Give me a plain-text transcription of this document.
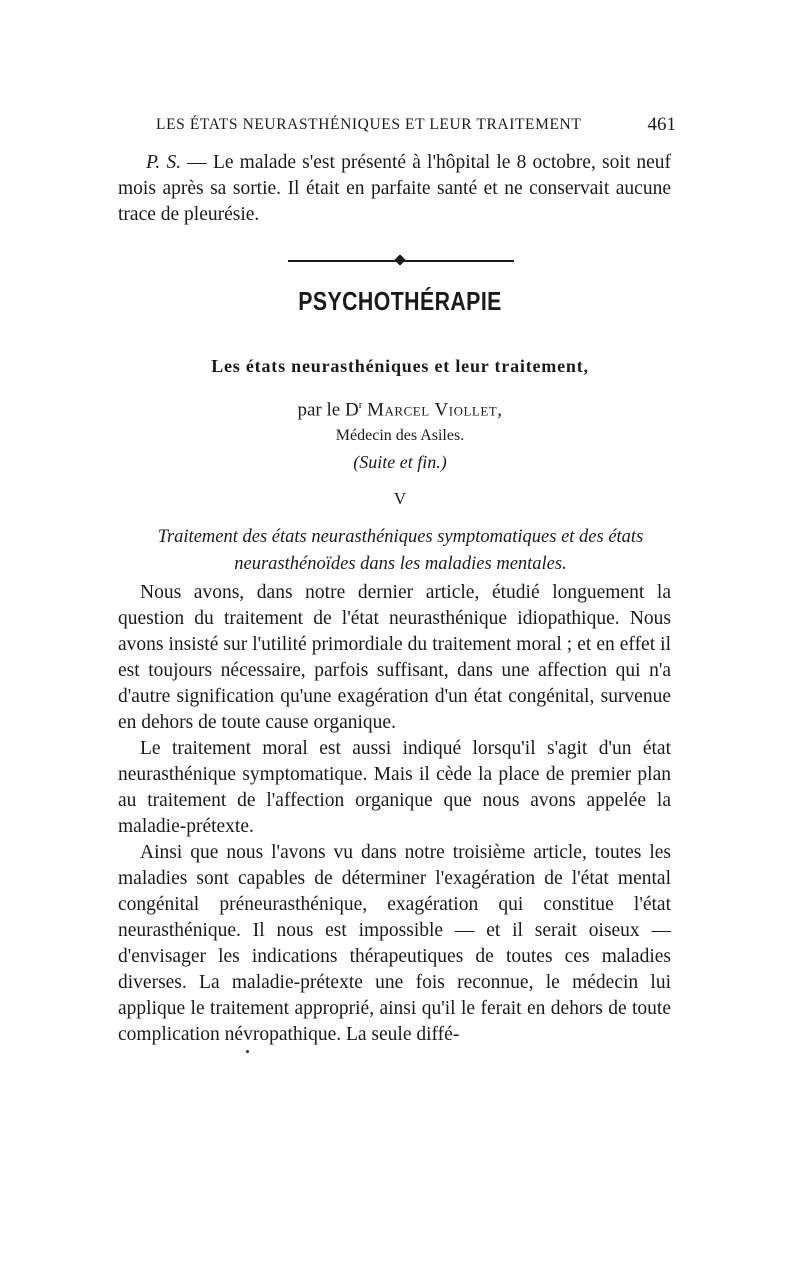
LES ÉTATS NEURASTHÉNIQUES ET LEUR TRAITEMENT	461

P. S. — Le malade s'est présenté à l'hôpital le 8 octobre, soit neuf mois après sa sortie. Il était en parfaite santé et ne conservait aucune trace de pleurésie.

PSYCHOTHÉRAPIE
Les états neurasthéniques et leur traitement,
par le $D^r$ Marcel Viollet,
Médecin des Asiles.
(Suite et fin.)
V
Traitement des états neurasthéniques symptomatiques et des états neurasthénoïdes dans les maladies mentales.

Nous avons, dans notre dernier article, étudié longuement la question du traitement de l'état neurasthénique idiopathique. Nous avons insisté sur l'utilité primordiale du traitement moral ; et en effet il est toujours nécessaire, parfois suffisant, dans une affection qui n'a d'autre signification qu'une exagération d'un état congénital, survenue en dehors de toute cause organique.

Le traitement moral est aussi indiqué lorsqu'il s'agit d'un état neurasthénique symptomatique. Mais il cède la place de premier plan au traitement de l'affection organique que nous avons appelée la maladie-prétexte.

Ainsi que nous l'avons vu dans notre troisième article, toutes les maladies sont capables de déterminer l'exagération de l'état mental congénital préneurasthénique, exagération qui constitue l'état neurasthénique. Il nous est impossible — et il serait oiseux — d'envisager les indications thérapeutiques de toutes ces maladies diverses. La maladie-prétexte une fois reconnue, le médecin lui applique le traitement approprié, ainsi qu'il le ferait en dehors de toute complication névropathique. La seule diffé-
